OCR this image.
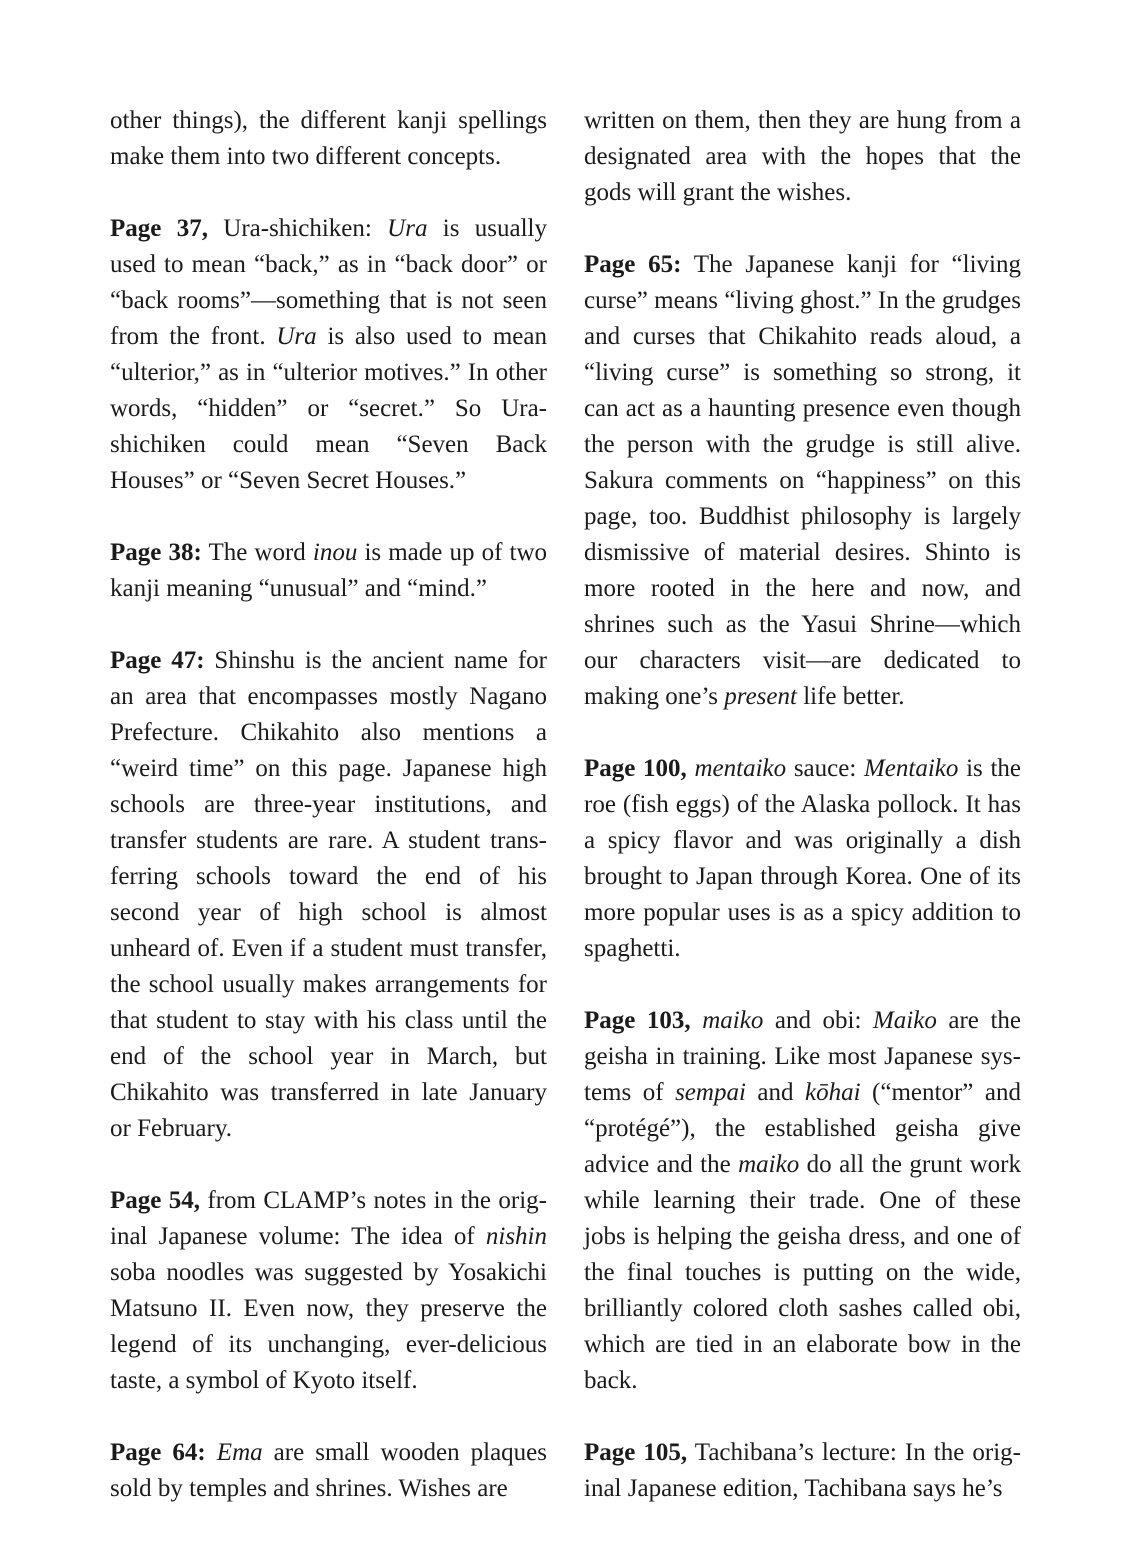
other things), the different kanji spellings make them into two different concepts.

Page 37, Ura-shichiken: Ura is usually used to mean “back,” as in “back door” or “back rooms”—something that is not seen from the front. Ura is also used to mean “ulterior,” as in “ulterior motives.” In other words, “hidden” or “secret.” So Ura-shichiken could mean “Seven Back Houses” or “Seven Secret Houses.”

Page 38: The word inou is made up of two kanji meaning “unusual” and “mind.”

Page 47: Shinshu is the ancient name for an area that encompasses mostly Nagano Prefecture. Chikahito also mentions a “weird time” on this page. Japanese high schools are three-year institutions, and transfer students are rare. A student transferring schools toward the end of his second year of high school is almost unheard of. Even if a student must transfer, the school usually makes arrangements for that student to stay with his class until the end of the school year in March, but Chikahito was transferred in late January or February.

Page 54, from CLAMP’s notes in the original Japanese volume: The idea of nishin soba noodles was suggested by Yosakichi Matsuno II. Even now, they preserve the legend of its unchanging, ever-delicious taste, a symbol of Kyoto itself.

Page 64: Ema are small wooden plaques sold by temples and shrines. Wishes are

written on them, then they are hung from a designated area with the hopes that the gods will grant the wishes.

Page 65: The Japanese kanji for “living curse” means “living ghost.” In the grudges and curses that Chikahito reads aloud, a “living curse” is something so strong, it can act as a haunting presence even though the person with the grudge is still alive. Sakura comments on “happiness” on this page, too. Buddhist philosophy is largely dismissive of material desires. Shinto is more rooted in the here and now, and shrines such as the Yasui Shrine—which our characters visit—are dedicated to making one’s present life better.

Page 100, mentaiko sauce: Mentaiko is the roe (fish eggs) of the Alaska pollock. It has a spicy flavor and was originally a dish brought to Japan through Korea. One of its more popular uses is as a spicy addition to spaghetti.

Page 103, maiko and obi: Maiko are the geisha in training. Like most Japanese systems of sempai and kōhai (“mentor” and “protégé”), the established geisha give advice and the maiko do all the grunt work while learning their trade. One of these jobs is helping the geisha dress, and one of the final touches is putting on the wide, brilliantly colored cloth sashes called obi, which are tied in an elaborate bow in the back.

Page 105, Tachibana’s lecture: In the original Japanese edition, Tachibana says he’s
